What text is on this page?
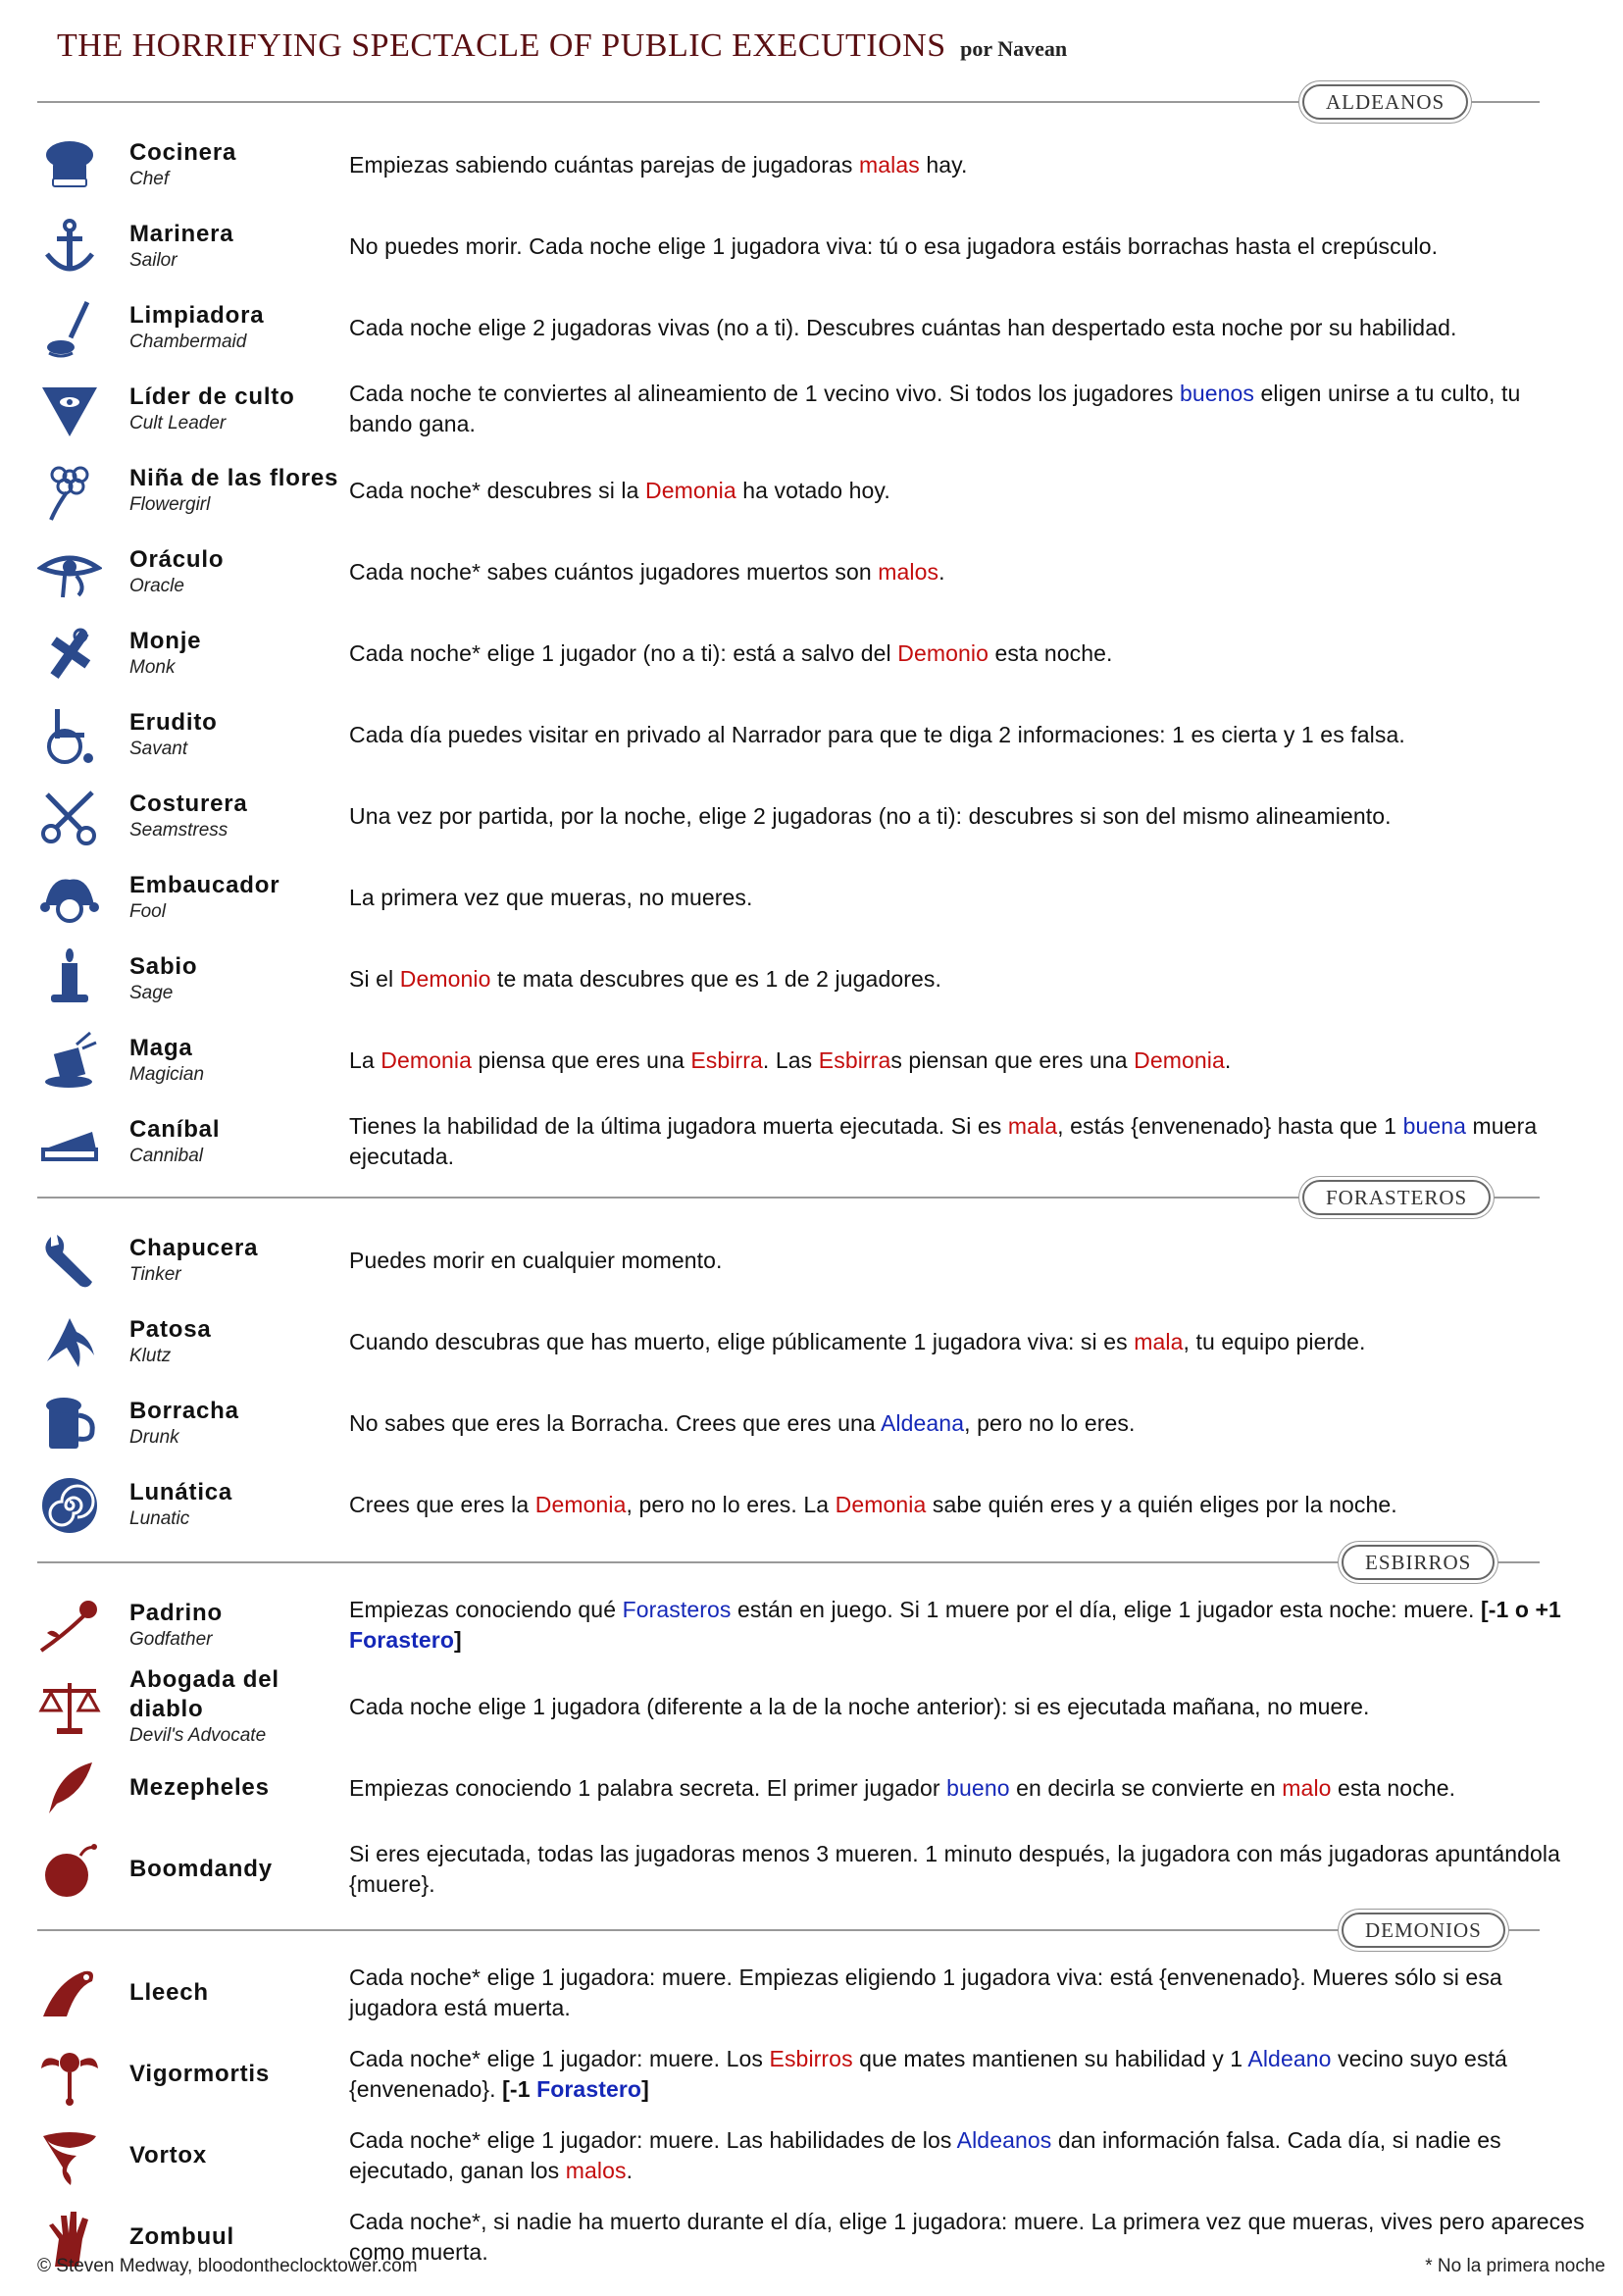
THE HORRIFYING SPECTACLE OF PUBLIC EXECUTIONS por Navean
ALDEANOS
Cocinera
Chef
Empiezas sabiendo cuántas parejas de jugadoras malas hay.
Marinera
Sailor
No puedes morir. Cada noche elige 1 jugadora viva: tú o esa jugadora estáis borrachas hasta el crepúsculo.
Limpiadora
Chambermaid
Cada noche elige 2 jugadoras vivas (no a ti). Descubres cuántas han despertado esta noche por su habilidad.
Líder de culto
Cult Leader
Cada noche te conviertes al alineamiento de 1 vecino vivo. Si todos los jugadores buenos eligen unirse a tu culto, tu bando gana.
Niña de las flores
Flowergirl
Cada noche* descubres si la Demonia ha votado hoy.
Oráculo
Oracle
Cada noche* sabes cuántos jugadores muertos son malos.
Monje
Monk
Cada noche* elige 1 jugador (no a ti): está a salvo del Demonio esta noche.
Erudito
Savant
Cada día puedes visitar en privado al Narrador para que te diga 2 informaciones: 1 es cierta y 1 es falsa.
Costurera
Seamstress
Una vez por partida, por la noche, elige 2 jugadoras (no a ti): descubres si son del mismo alineamiento.
Embaucador
Fool
La primera vez que mueras, no mueres.
Sabio
Sage
Si el Demonio te mata descubres que es 1 de 2 jugadores.
Maga
Magician
La Demonia piensa que eres una Esbirra. Las Esbirras piensan que eres una Demonia.
Caníbal
Cannibal
Tienes la habilidad de la última jugadora muerta ejecutada. Si es mala, estás {envenenado} hasta que 1 buena muera ejecutada.
FORASTEROS
Chapucera
Tinker
Puedes morir en cualquier momento.
Patosa
Klutz
Cuando descubras que has muerto, elige públicamente 1 jugadora viva: si es mala, tu equipo pierde.
Borracha
Drunk
No sabes que eres la Borracha. Crees que eres una Aldeana, pero no lo eres.
Lunática
Lunatic
Crees que eres la Demonia, pero no lo eres. La Demonia sabe quién eres y a quién eliges por la noche.
ESBIRROS
Padrino
Godfather
Empiezas conociendo qué Forasteros están en juego. Si 1 muere por el día, elige 1 jugador esta noche: muere. [-1 o +1 Forastero]
Abogada del diablo
Devil's Advocate
Cada noche elige 1 jugadora (diferente a la de la noche anterior): si es ejecutada mañana, no muere.
Mezepheles	Empiezas conociendo 1 palabra secreta. El primer jugador bueno en decirla se convierte en malo esta noche.
Boomdandy
Si eres ejecutada, todas las jugadoras menos 3 mueren. 1 minuto después, la jugadora con más jugadoras apuntándola {muere}.
DEMONIOS
Lleech
Cada noche* elige 1 jugadora: muere. Empiezas eligiendo 1 jugadora viva: está {envenenado}. Mueres sólo si esa jugadora está muerta.
Vigormortis
Cada noche* elige 1 jugador: muere. Los Esbirros que mates mantienen su habilidad y 1 Aldeano vecino suyo está {envenenado}. [-1 Forastero]
Vortox
Cada noche* elige 1 jugador: muere. Las habilidades de los Aldeanos dan información falsa. Cada día, si nadie es ejecutado, ganan los malos.
Zombuul
Cada noche*, si nadie ha muerto durante el día, elige 1 jugadora: muere. La primera vez que mueras, vives pero apareces como muerta.
© Steven Medway, bloodontheclocktower.com	* No la primera noche
